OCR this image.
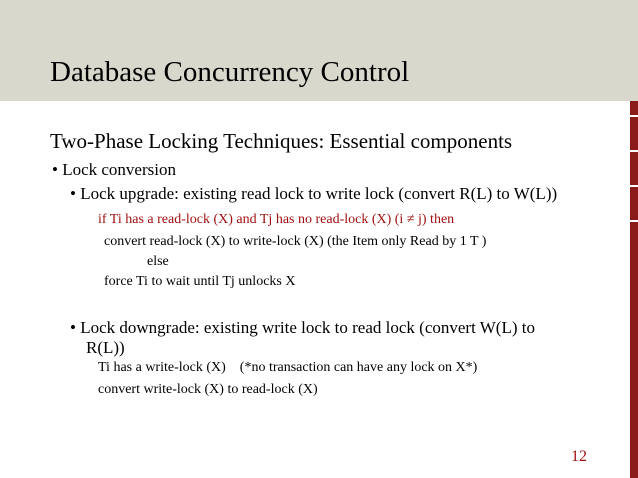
Database Concurrency Control
Two-Phase Locking Techniques: Essential components
• Lock conversion
• Lock upgrade: existing read lock to write lock (convert R(L) to W(L))
if Ti has a read-lock (X) and Tj has no read-lock (X) (i ≠ j) then
convert read-lock (X) to write-lock (X) (the Item only Read by 1 T )
else
force Ti to wait until Tj unlocks X
• Lock downgrade: existing write lock to read lock (convert W(L) to
R(L))
Ti has a write-lock (X)    (*no transaction can have any lock on X*)
convert write-lock (X) to read-lock (X)
12
